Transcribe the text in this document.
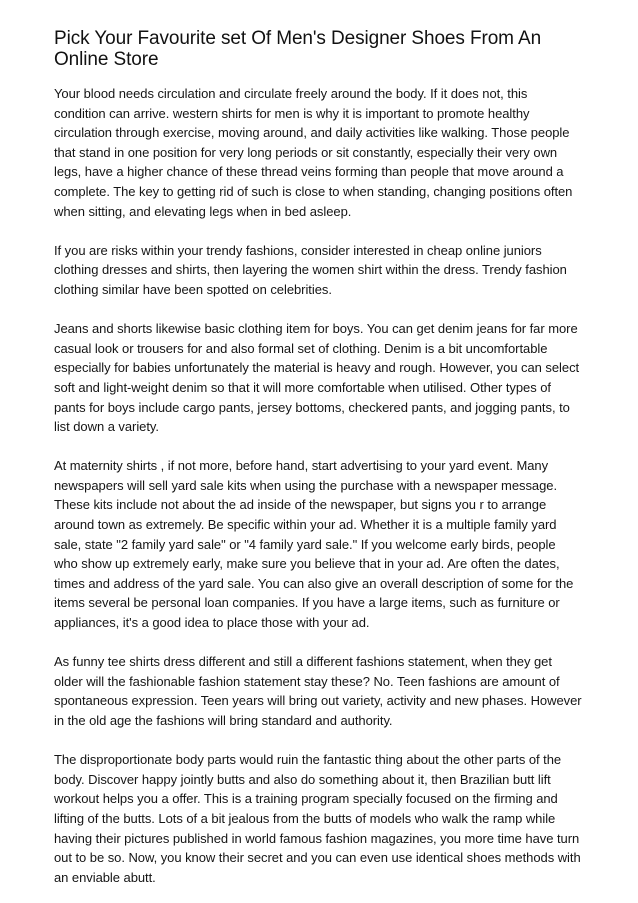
Pick Your Favourite set Of Men's Designer Shoes From An Online Store

Your blood needs circulation and circulate freely around the body. If it does not, this condition can arrive. western shirts for men is why it is important to promote healthy circulation through exercise, moving around, and daily activities like walking. Those people that stand in one position for very long periods or sit constantly, especially their very own legs, have a higher chance of these thread veins forming than people that move around a complete. The key to getting rid of such is close to when standing, changing positions often when sitting, and elevating legs when in bed asleep.

If you are risks within your trendy fashions, consider interested in cheap online juniors clothing dresses and shirts, then layering the women shirt within the dress. Trendy fashion clothing similar have been spotted on celebrities.

Jeans and shorts likewise basic clothing item for boys. You can get denim jeans for far more casual look or trousers for and also formal set of clothing. Denim is a bit uncomfortable especially for babies unfortunately the material is heavy and rough. However, you can select soft and light-weight denim so that it will more comfortable when utilised. Other types of pants for boys include cargo pants, jersey bottoms, checkered pants, and jogging pants, to list down a variety.

At maternity shirts , if not more, before hand, start advertising to your yard event. Many newspapers will sell yard sale kits when using the purchase with a newspaper message. These kits include not about the ad inside of the newspaper, but signs you r to arrange around town as extremely. Be specific within your ad. Whether it is a multiple family yard sale, state "2 family yard sale" or "4 family yard sale." If you welcome early birds, people who show up extremely early, make sure you believe that in your ad. Are often the dates, times and address of the yard sale. You can also give an overall description of some for the items several be personal loan companies. If you have a large items, such as furniture or appliances, it's a good idea to place those with your ad.

As funny tee shirts dress different and still a different fashions statement, when they get older will the fashionable fashion statement stay these? No. Teen fashions are amount of spontaneous expression. Teen years will bring out variety, activity and new phases. However in the old age the fashions will bring standard and authority.

The disproportionate body parts would ruin the fantastic thing about the other parts of the body. Discover happy jointly butts and also do something about it, then Brazilian butt lift workout helps you a offer. This is a training program specially focused on the firming and lifting of the butts. Lots of a bit jealous from the butts of models who walk the ramp while having their pictures published in world famous fashion magazines, you more time have turn out to be so. Now, you know their secret and you can even use identical shoes methods with an enviable abutt.
